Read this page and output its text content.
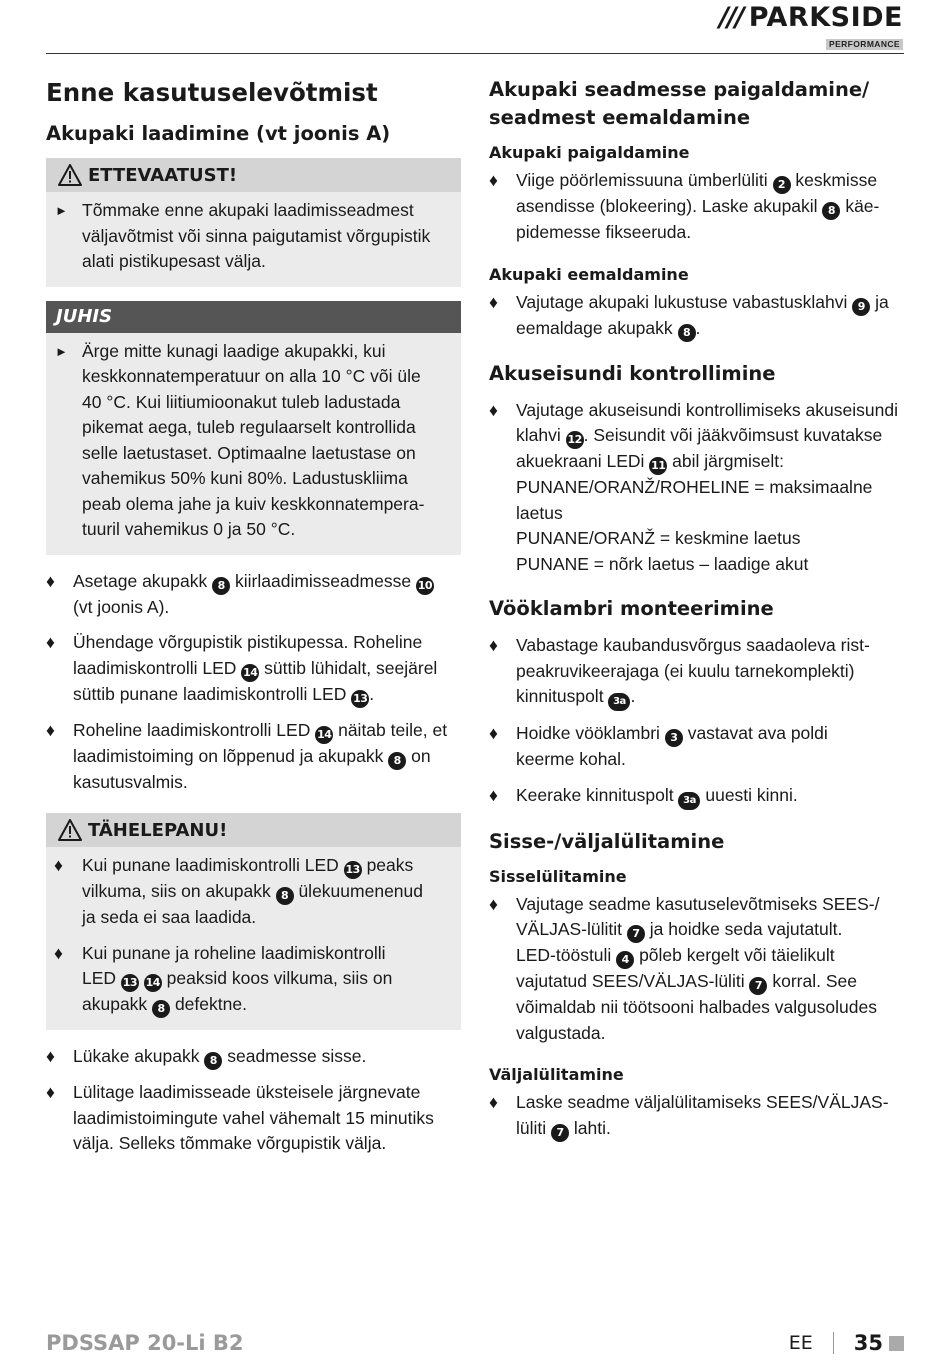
/// PARKSIDE
PERFORMANCE
Enne kasutuselevõtmist
Akupaki laadimine (vt joonis A)
ETTEVAATUST!
► Tõmmake enne akupaki laadimisseadmest
väljavõtmist või sinna paigutamist võrgupistik
alati pistikupesast välja.
JUHIS
► Ärge mitte kunagi laadige akupakki, kui
keskkonnatemperatuur on alla 10 °C või üle
40 °C. Kui liitiumioonakut tuleb ladustada
pikemat aega, tuleb regulaarselt kontrollida
selle laetustaset. Optimaalne laetustase on
vahemikus 50% kuni 80%. Ladustuskliima
peab olema jahe ja kuiv keskkonnatempera-
tuuril vahemikus 0 ja 50 °C.
♦	Asetage akupakk 8 kiirlaadimisseadmesse 10
(vt joonis A).
♦	Ühendage võrgupistik pistikupessa. Roheline
laadimiskontrolli LED 14 süttib lühidalt, seejärel
süttib punane laadimiskontrolli LED 13 .
♦	Roheline laadimiskontrolli LED 14 näitab teile, et
laadimistoiming on lõppenud ja akupakk 8 on
kasutusvalmis.
TÄHELEPANU!
♦	Kui punane laadimiskontrolli LED 13 peaks
vilkuma, siis on akupakk 8 ülekuumenenud
ja seda ei saa laadida.
♦	Kui punane ja roheline laadimiskontrolli
LED 13 14 peaksid koos vilkuma, siis on
akupakk 8 defektne.
♦	Lükake akupakk 8 seadmesse sisse.
♦	Lülitage laadimisseade üksteisele järgnevate
laadimistoimingute vahel vähemalt 15 minutiks
välja. Selleks tõmmake võrgupistik välja.
Akupaki seadmesse paigaldamine/
seadmest eemaldamine
Akupaki paigaldamine
♦	Viige pöörlemissuuna ümberlüliti 2 keskmisse
asendisse (blokeering). Laske akupakil 8 käe-
pidemesse fikseeruda.
Akupaki eemaldamine
♦	Vajutage akupaki lukustuse vabastusklahvi 9 ja
eemaldage akupakk 8 .
Akuseisundi kontrollimine
♦	Vajutage akuseisundi kontrollimiseks akuseisundi
klahvi 12 . Seisundit või jääkvõimsust kuvatakse
akuekraani LEDi 11 abil järgmiselt:
PUNANE/ORANŽ/ROHELINE = maksimaalne
laetus
PUNANE/ORANŽ = keskmine laetus
PUNANE = nõrk laetus – laadige akut
Vööklambri monteerimine
♦	Vabastage kaubandusvõrgus saadaoleva rist-
peakruvikeerajaga (ei kuulu tarnekomplekti)
kinnituspolt 3a .
♦	Hoidke vööklambri 3 vastavat ava poldi
keerme kohal.
♦	Keerake kinnituspolt 3a uuesti kinni.
Sisse-/väljalülitamine
Sisselülitamine
♦	Vajutage seadme kasutuselevõtmiseks SEES-/
VÄLJAS-lülitit 7 ja hoidke seda vajutatult.
LED-tööstuli 4 põleb kergelt või täielikult
vajutatud SEES/VÄLJAS-lüliti 7 korral. See
võimaldab nii töötsooni halbades valgusoludes
valgustada.
Väljalülitamine
♦	Laske seadme väljalülitamiseks SEES/VÄLJAS-
lüliti 7 lahti.
PDSSAP 20-Li B2	EE 35
